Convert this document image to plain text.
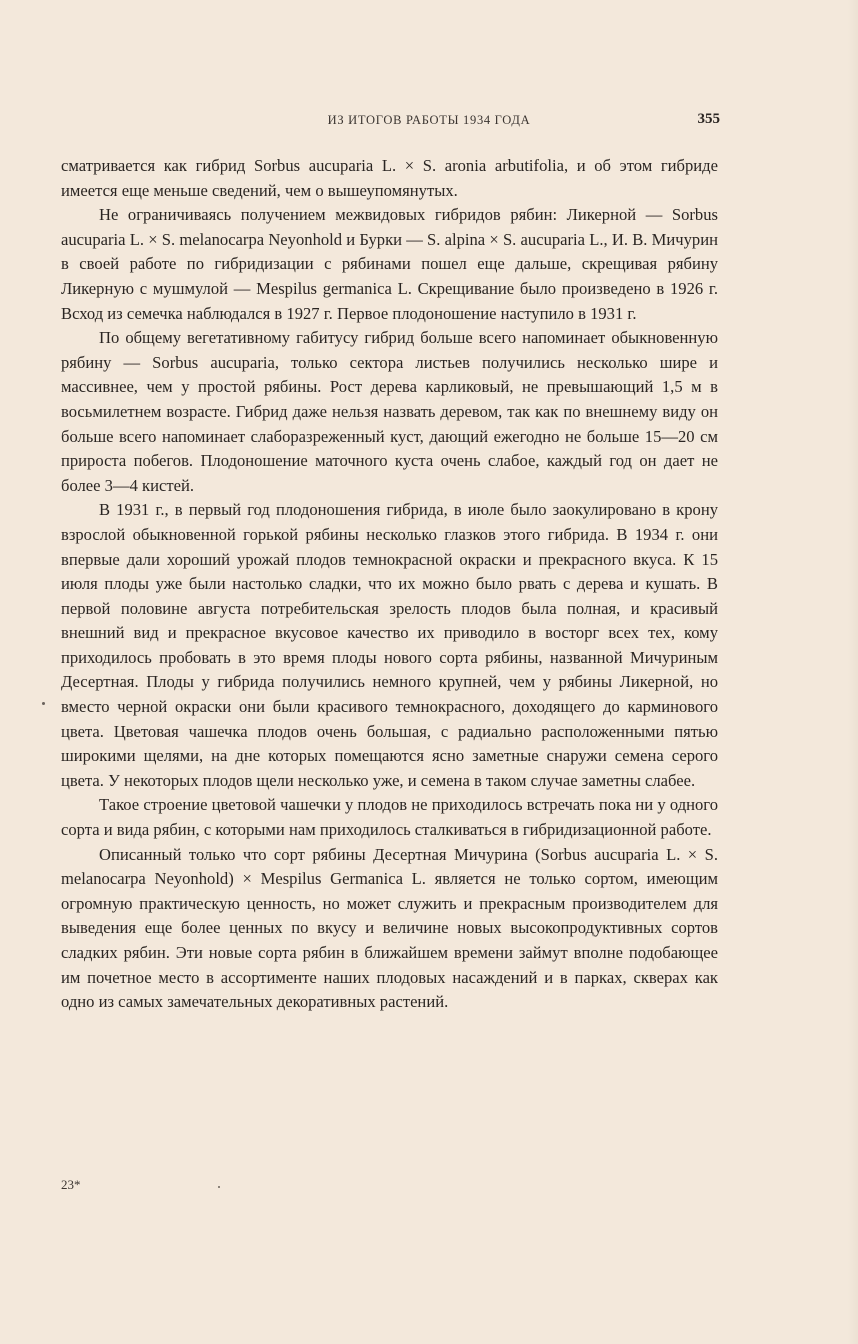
ИЗ ИТОГОВ РАБОТЫ 1934 ГОДА	355

сматривается как гибрид Sorbus aucuparia L. × S. aronia arbutifolia, и об этом гибриде имеется еще меньше сведений, чем о вышеупомянутых.

Не ограничиваясь получением межвидовых гибридов рябин: Ликерной — Sorbus aucuparia L. × S. melanocarpa Neyonhold и Бурки — S. alpina × S. aucuparia L., И. В. Мичурин в своей работе по гибридизации с рябинами пошел еще дальше, скрещивая рябину Ликерную с мушмулой — Mespilus germanica L. Скрещивание было произведено в 1926 г. Всход из семечка наблюдался в 1927 г. Первое плодоношение наступило в 1931 г.

По общему вегетативному габитусу гибрид больше всего напоминает обыкновенную рябину — Sorbus aucuparia, только сектора листьев получились несколько шире и массивнее, чем у простой рябины. Рост дерева карликовый, не превышающий 1,5 м в восьмилетнем возрасте. Гибрид даже нельзя назвать деревом, так как по внешнему виду он больше всего напоминает слаборазреженный куст, дающий ежегодно не больше 15—20 см прироста побегов. Плодоношение маточного куста очень слабое, каждый год он дает не более 3—4 кистей.

В 1931 г., в первый год плодоношения гибрида, в июле было заокулировано в крону взрослой обыкновенной горькой рябины несколько глазков этого гибрида. В 1934 г. они впервые дали хороший урожай плодов темнокрасной окраски и прекрасного вкуса. К 15 июля плоды уже были настолько сладки, что их можно было рвать с дерева и кушать. В первой половине августа потребительская зрелость плодов была полная, и красивый внешний вид и прекрасное вкусовое качество их приводило в восторг всех тех, кому приходилось пробовать в это время плоды нового сорта рябины, названной Мичуриным Десертная. Плоды у гибрида получились немного крупней, чем у рябины Ликерной, но вместо черной окраски они были красивого темнокрасного, доходящего до карминового цвета. Цветовая чашечка плодов очень большая, с радиально расположенными пятью широкими щелями, на дне которых помещаются ясно заметные снаружи семена серого цвета. У некоторых плодов щели несколько уже, и семена в таком случае заметны слабее.

Такое строение цветовой чашечки у плодов не приходилось встречать пока ни у одного сорта и вида рябин, с которыми нам приходилось сталкиваться в гибридизационной работе.

Описанный только что сорт рябины Десертная Мичурина (Sorbus aucuparia L. × S. melanocarpa Neyonhold) × Mespilus Germanica L. является не только сортом, имеющим огромную практическую ценность, но может служить и прекрасным производителем для выведения еще более ценных по вкусу и величине новых высокопродуктивных сортов сладких рябин. Эти новые сорта рябин в ближайшем времени займут вполне подобающее им почетное место в ассортименте наших плодовых насаждений и в парках, скверах как одно из самых замечательных декоративных растений.

23*
